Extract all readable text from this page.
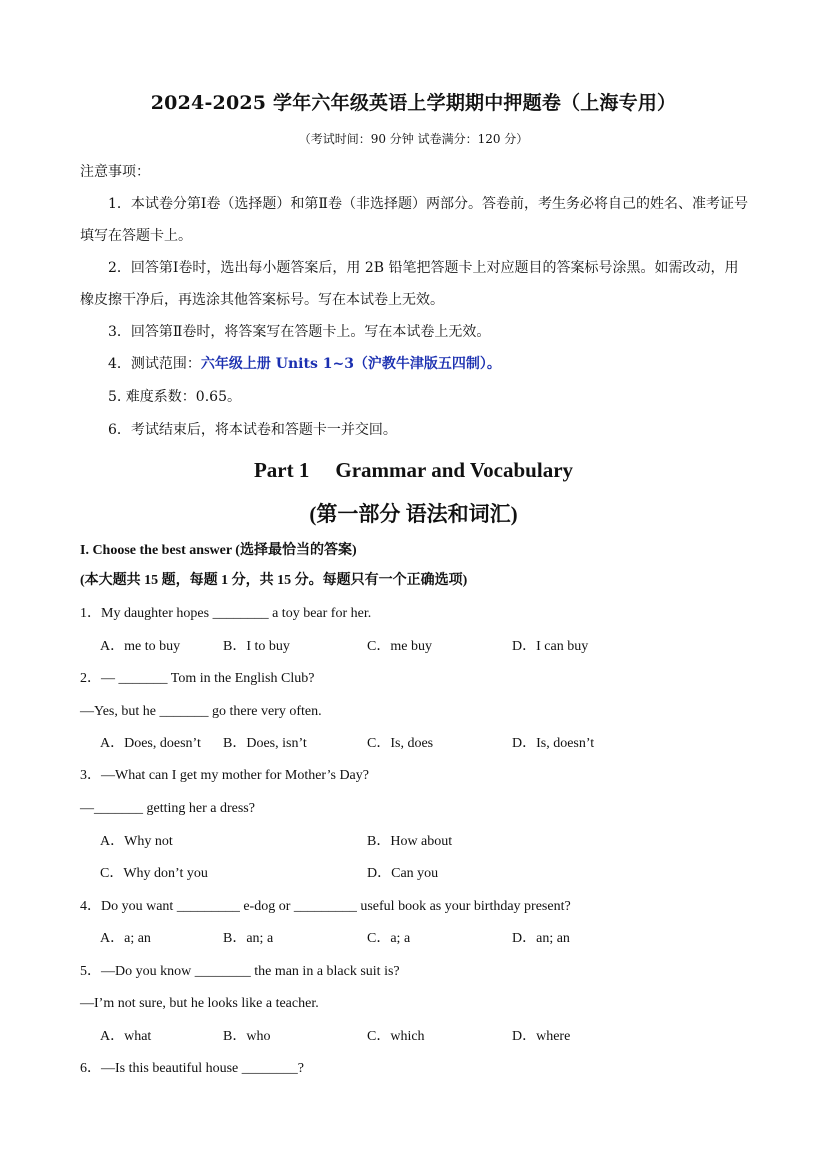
2024-2025 学年六年级英语上学期期中押题卷（上海专用）
（考试时间：90 分钟 试卷满分：120 分）
注意事项：
1．本试卷分第Ⅰ卷（选择题）和第Ⅱ卷（非选择题）两部分。答卷前，考生务必将自己的姓名、准考证号填写在答题卡上。
2．回答第Ⅰ卷时，选出每小题答案后，用 2B 铅笔把答题卡上对应题目的答案标号涂黑。如需改动，用橡皮擦干净后，再选涂其他答案标号。写在本试卷上无效。
3．回答第Ⅱ卷时，将答案写在答题卡上。写在本试卷上无效。
4．测试范围：六年级上册 Units 1~3（沪教牛津版五四制）。
5. 难度系数：0.65。
6．考试结束后，将本试卷和答题卡一并交回。
Part 1 Grammar and Vocabulary
(第一部分 语法和词汇)
I. Choose the best answer (选择最恰当的答案)
(本大题共 15 题，每题 1 分，共 15 分。每题只有一个正确选项)
1．My daughter hopes ________ a toy bear for her.
A．me to buy	B．I to buy	C．me buy	D．I can buy
2．— _______ Tom in the English Club?
—Yes, but he _______ go there very often.
A．Does, doesn’t B．Does, isn’t	C．Is, does	D．Is, doesn’t
3．—What can I get my mother for Mother’s Day?
—_______ getting her a dress?
A．Why not	B．How about
C．Why don’t you	D．Can you
4．Do you want _________ e-dog or _________ useful book as your birthday present?
A．a; an	B．an; a	C．a; a	D．an; an
5．—Do you know ________ the man in a black suit is?
—I’m not sure, but he looks like a teacher.
A．what	B．who	C．which	D．where
6．—Is this beautiful house ________?
